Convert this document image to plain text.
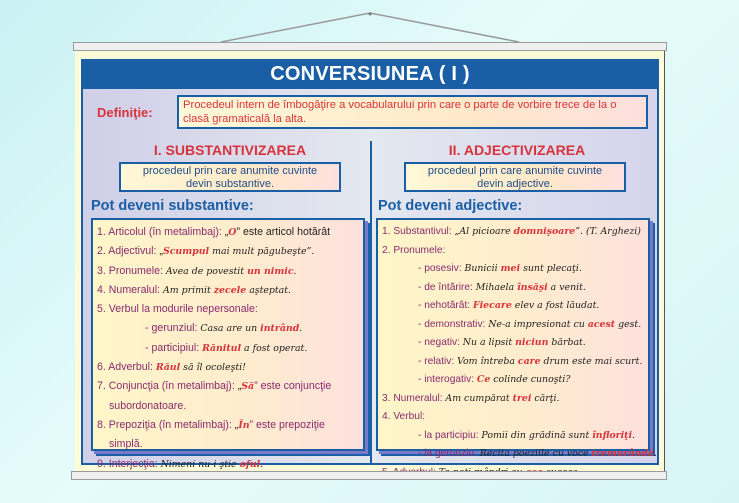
CONVERSIUNEA ( I )
Definiţie:	Procedeul intern de îmbogăţire a vocabularului prin care o parte de vorbire trece de la o clasă gramaticală la alta.
I. SUBSTANTIVIZAREA
procedeul prin care anumite cuvinte
devin substantive.
Pot deveni substantive:
1. Articolul (în metalimbaj): „O” este articol hotărât
2. Adjectivul: „Scumpul mai mult păgubeşte”.
3. Pronumele: Avea de povestit un nimic.
4. Numeralul: Am primit zecele aşteptat.
5. Verbul la modurile nepersonale:
- gerunziul: Casa are un intrând.
- participiul: Rănitul a fost operat.
6. Adverbul: Răul să îl ocoleşti!
7. Conjuncţia (în metalimbaj): „Să” este conjuncţie
subordonatoare.
8. Prepoziţia (în metalimbaj): „În” este prepoziţie
simplă.
9. Interjecţia: Nimeni nu-i ştie oful.
II. ADJECTIVIZAREA
procedeul prin care anumite cuvinte
devin adjective.
Pot deveni adjective:
1. Substantivul: „Al picioare domnişoare”. (T. Arghezi)
2. Pronumele:
- posesiv: Bunicii mei sunt plecaţi.
- de întărire: Mihaela însăşi a venit.
- nehotărât: Fiecare elev a fost lăudat.
- demonstrativ: Ne-a impresionat cu acest gest.
- negativ: Nu a lipsit niciun bărbat.
- relativ: Vom întreba care drum este mai scurt.
- interogativ: Ce colinde cunoşti?
3. Numeralul: Am cumpărat trei cărţi.
4. Verbul:
- la participiu: Pomii din grădină sunt înfloriţi.
- la gerunziu: Recita poeziile cu voce tremurândă.
